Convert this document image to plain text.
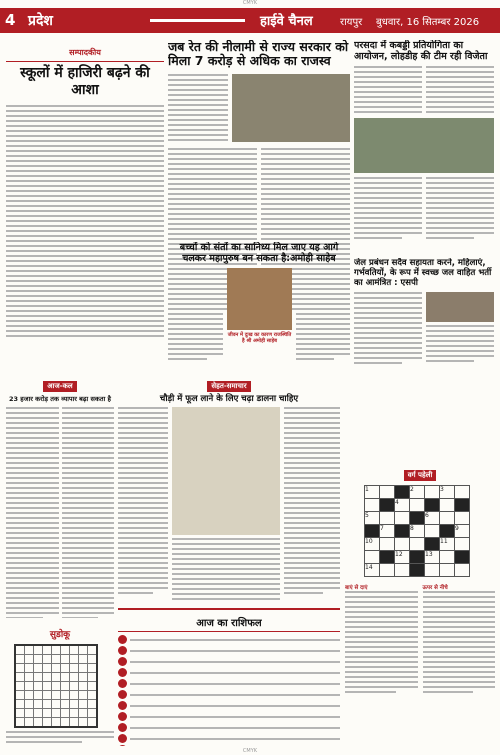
CMYK
4 प्रदेश	हाईवे चैनल	रायपुर बुधवार, 16 सितम्बर 2026
सम्पादकीय
स्कूलों में हाजिरी बढ़ने की आशा
जब रेत की नीलामी से राज्य सरकार को मिला 7 करोड़ से अधिक का राजस्व
परसदा में कबड्डी प्रतियोगिता का आयोजन, लोहडीह की टीम रही विजेता
बच्चों को संतों का सानिध्य मिल जाए यह आगे चलकर महापुरुष बन सकता है:अमोही साहेब
जीवन में दुःख का कारण राजस्थिति है श्री अमोही साहेब
जेल प्रबंधन सदैव सहायता करने, महिलाएं, गर्भवतियों, के रूप में स्वच्छ जल वाहित भर्ती का आमंत्रित : एसपी
आज-कल
23 हजार करोड़ तक व्यापार बढ़ा सकता है
सेहत-समाचार
चौड़ी में फूल लाने के लिए चढ़ा डालना चाहिए
वर्ग पहेली
1			2		3	
		4				
5				6		
	7		8			9
10					11	
		12		13		
14						
बाएं से दाएं	ऊपर से नीचे
सुडोकू

आज का राशिफल
CMYK
